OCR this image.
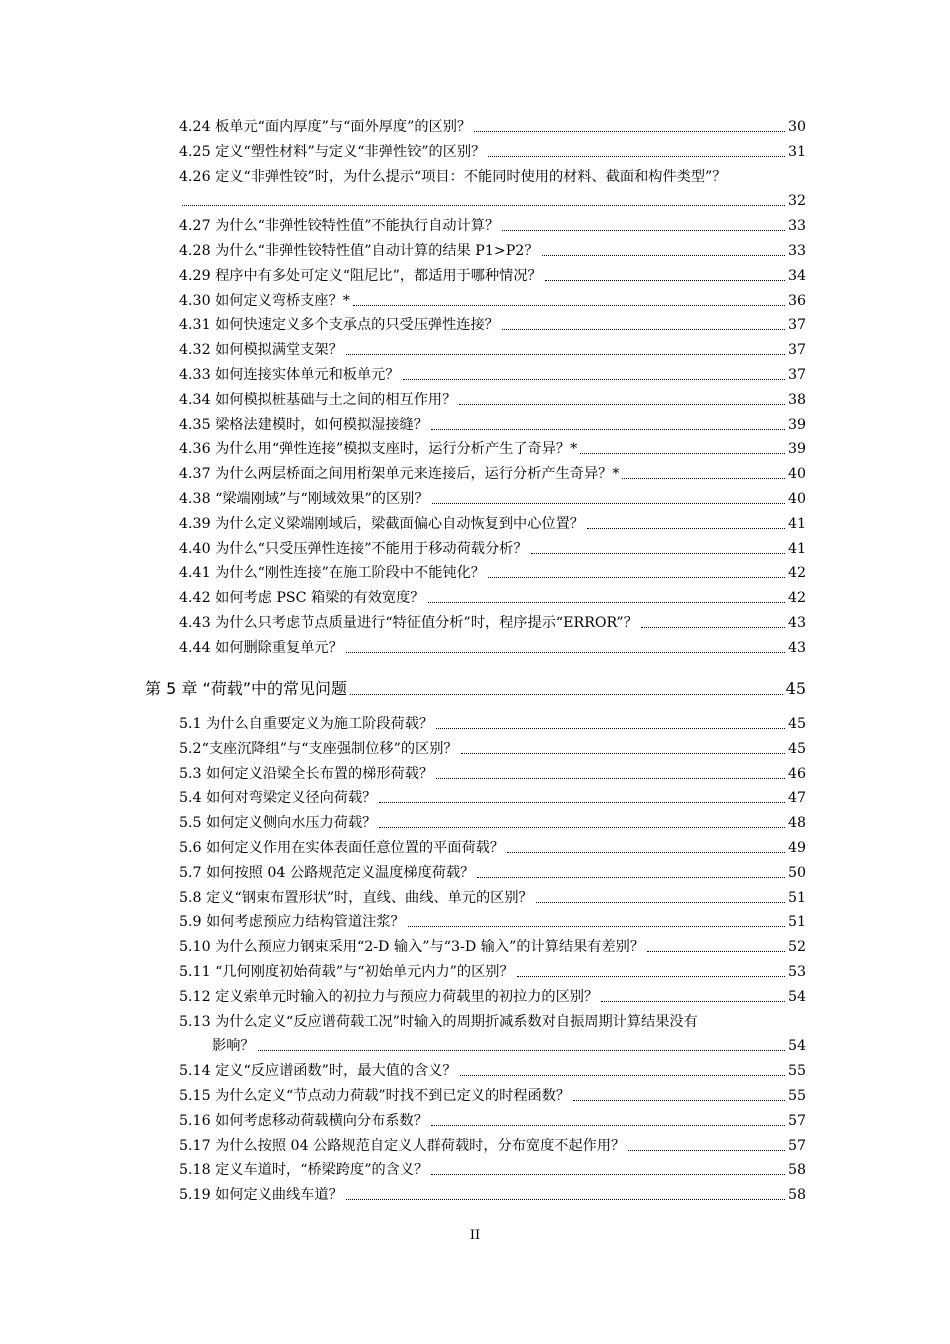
4.24 板单元“面内厚度”与“面外厚度”的区别？	30
4.25 定义“塑性材料”与定义“非弹性铰”的区别？	31
4.26 定义“非弹性铰”时，为什么提示“项目：不能同时使用的材料、截面和构件类型”？
32
4.27 为什么“非弹性铰特性值”不能执行自动计算？	33
4.28 为什么“非弹性铰特性值”自动计算的结果 P1>P2？	33
4.29 程序中有多处可定义“阻尼比”，都适用于哪种情况？	34
4.30 如何定义弯桥支座？*	36
4.31 如何快速定义多个支承点的只受压弹性连接？	37
4.32 如何模拟满堂支架？	37
4.33 如何连接实体单元和板单元？	37
4.34 如何模拟桩基础与土之间的相互作用？	38
4.35 梁格法建模时，如何模拟湿接缝？	39
4.36 为什么用“弹性连接”模拟支座时，运行分析产生了奇异？*	39
4.37 为什么两层桥面之间用桁架单元来连接后，运行分析产生奇异？*	40
4.38 “梁端刚域”与“刚域效果”的区别？	40
4.39 为什么定义梁端刚域后，梁截面偏心自动恢复到中心位置？	41
4.40 为什么“只受压弹性连接”不能用于移动荷载分析？	41
4.41 为什么“刚性连接”在施工阶段中不能钝化？	42
4.42 如何考虑 PSC 箱梁的有效宽度？	42
4.43 为什么只考虑节点质量进行“特征值分析”时，程序提示“ERROR”？	43
4.44 如何删除重复单元？	43
第 5 章 “荷载”中的常见问题	45
5.1 为什么自重要定义为施工阶段荷载？	45
5.2“支座沉降组”与“支座强制位移”的区别？	45
5.3 如何定义沿梁全长布置的梯形荷载？	46
5.4 如何对弯梁定义径向荷载？	47
5.5 如何定义侧向水压力荷载？	48
5.6 如何定义作用在实体表面任意位置的平面荷载？	49
5.7 如何按照 04 公路规范定义温度梯度荷载？	50
5.8 定义“钢束布置形状”时，直线、曲线、单元的区别？	51
5.9 如何考虑预应力结构管道注浆？	51
5.10 为什么预应力钢束采用“2-D 输入”与“3-D 输入”的计算结果有差别？	52
5.11 “几何刚度初始荷载”与“初始单元内力”的区别？	53
5.12 定义索单元时输入的初拉力与预应力荷载里的初拉力的区别？	54
5.13 为什么定义“反应谱荷载工况”时输入的周期折减系数对自振周期计算结果没有
影响？	54
5.14 定义“反应谱函数”时，最大值的含义？	55
5.15 为什么定义“节点动力荷载”时找不到已定义的时程函数？	55
5.16 如何考虑移动荷载横向分布系数？	57
5.17 为什么按照 04 公路规范自定义人群荷载时，分布宽度不起作用？	57
5.18 定义车道时，“桥梁跨度”的含义？	58
5.19 如何定义曲线车道？	58
II
